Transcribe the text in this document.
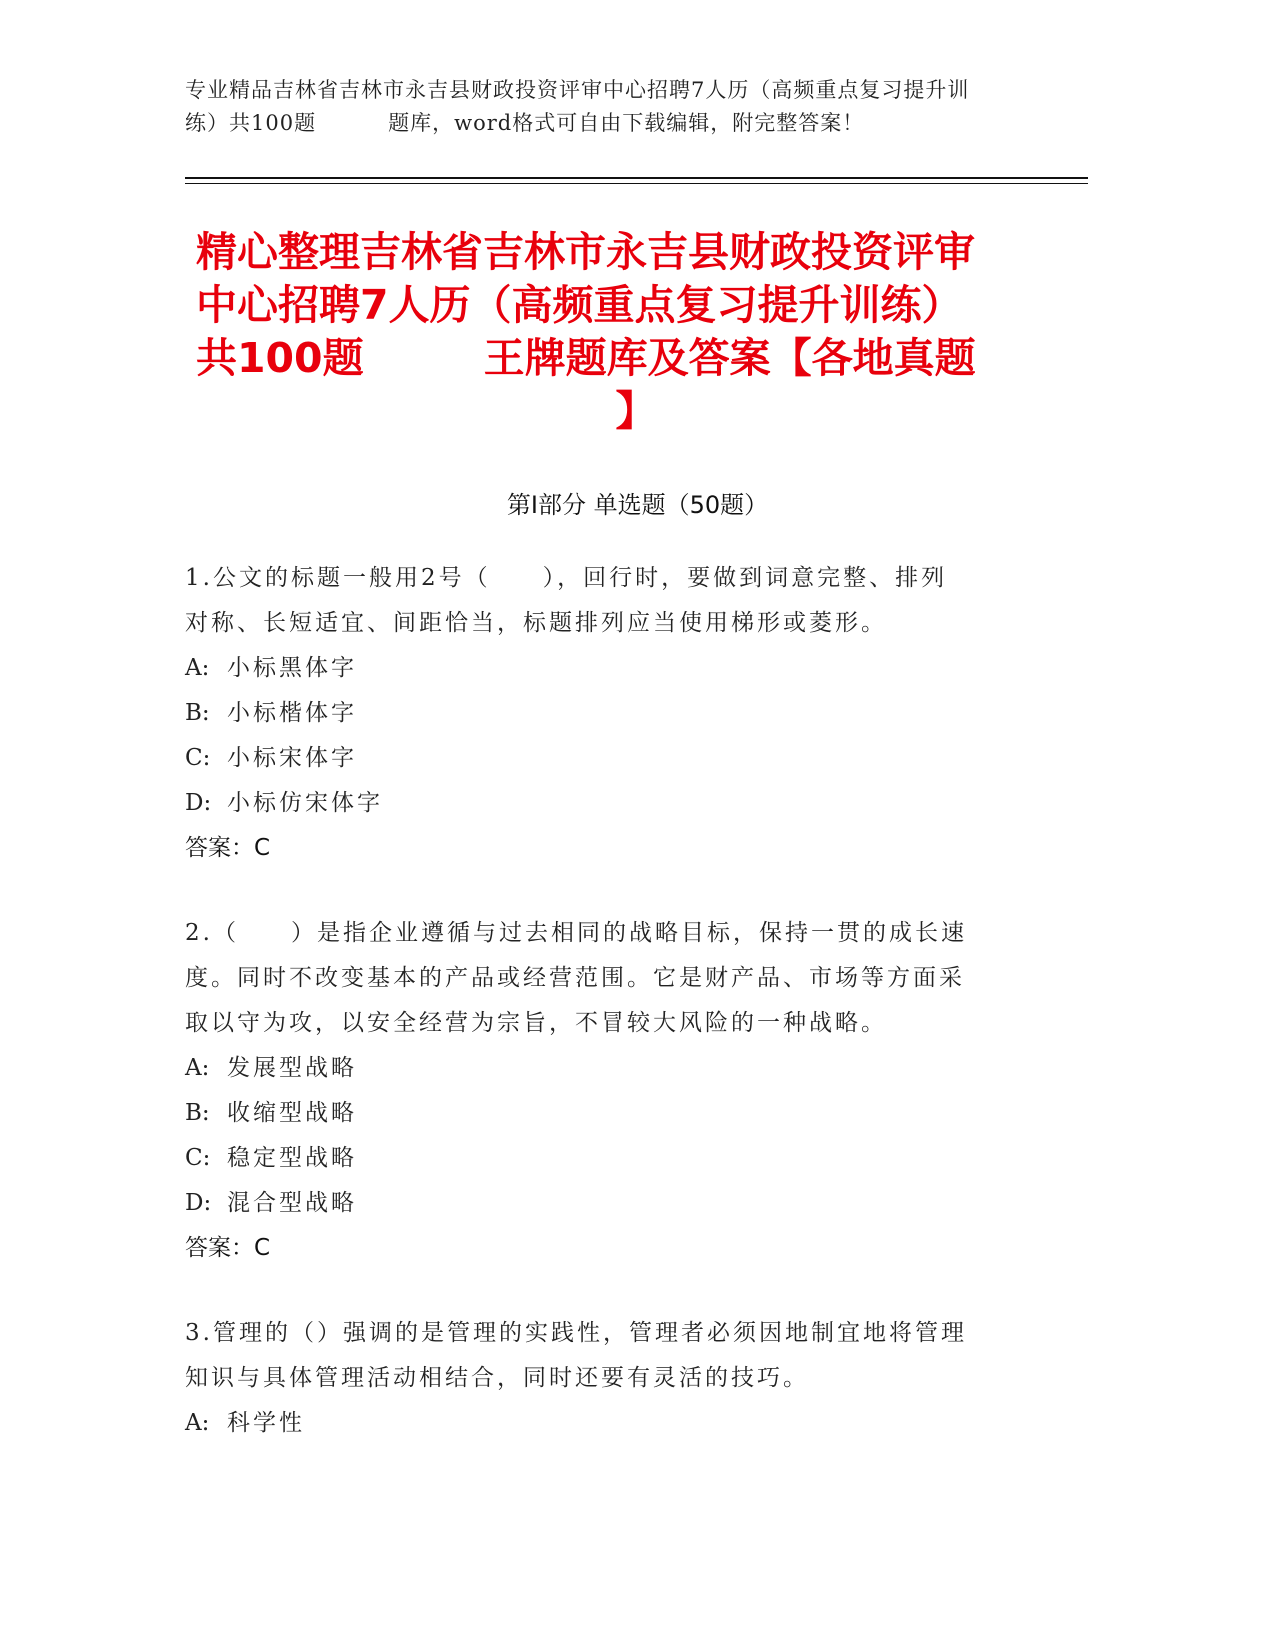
专业精品吉林省吉林市永吉县财政投资评审中心招聘7人历（高频重点复习提升训
练）共100题	题库，word格式可自由下载编辑，附完整答案！
精心整理吉林省吉林市永吉县财政投资评审
中心招聘7人历（高频重点复习提升训练）
共100题	王牌题库及答案【各地真题
】
第Ⅰ部分 单选题（50题）

1.公文的标题一般用2号（　　），回行时，要做到词意完整、排列

对称、长短适宜、间距恰当，标题排列应当使用梯形或菱形。

A: 小标黑体字

B: 小标楷体字

C: 小标宋体字

D: 小标仿宋体字

答案：C

2.（　　）是指企业遵循与过去相同的战略目标，保持一贯的成长速

度。同时不改变基本的产品或经营范围。它是财产品、市场等方面采

取以守为攻，以安全经营为宗旨，不冒较大风险的一种战略。

A: 发展型战略

B: 收缩型战略

C: 稳定型战略

D: 混合型战略

答案：C

3.管理的（）强调的是管理的实践性，管理者必须因地制宜地将管理

知识与具体管理活动相结合，同时还要有灵活的技巧。

A: 科学性
